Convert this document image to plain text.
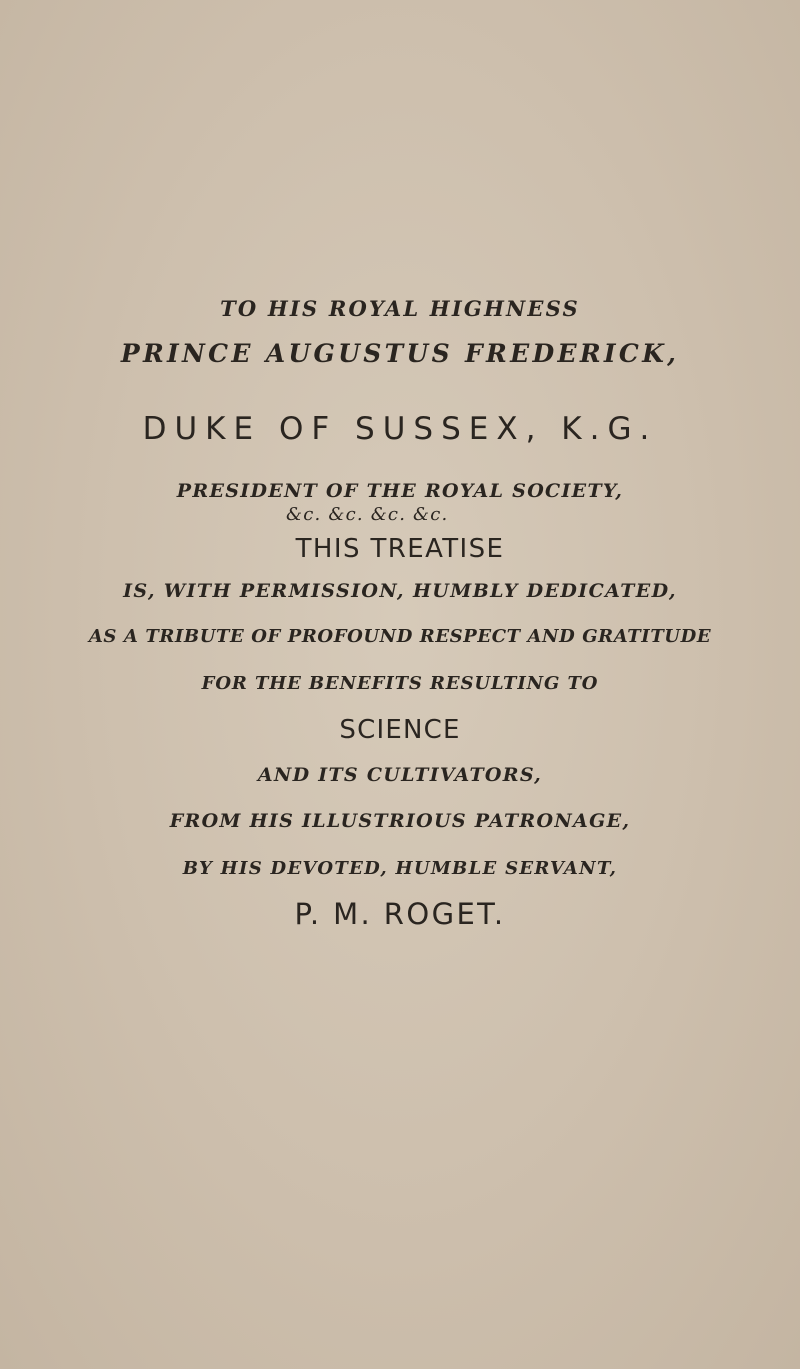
TO HIS ROYAL HIGHNESS
PRINCE AUGUSTUS FREDERICK,
DUKE OF SUSSEX, K.G.
PRESIDENT OF THE ROYAL SOCIETY,
&c. &c. &c. &c.
THIS TREATISE
IS, WITH PERMISSION, HUMBLY DEDICATED,
AS A TRIBUTE OF PROFOUND RESPECT AND GRATITUDE
FOR THE BENEFITS RESULTING TO
SCIENCE
AND ITS CULTIVATORS,
FROM HIS ILLUSTRIOUS PATRONAGE,
BY HIS DEVOTED, HUMBLE SERVANT,
P. M. ROGET.
